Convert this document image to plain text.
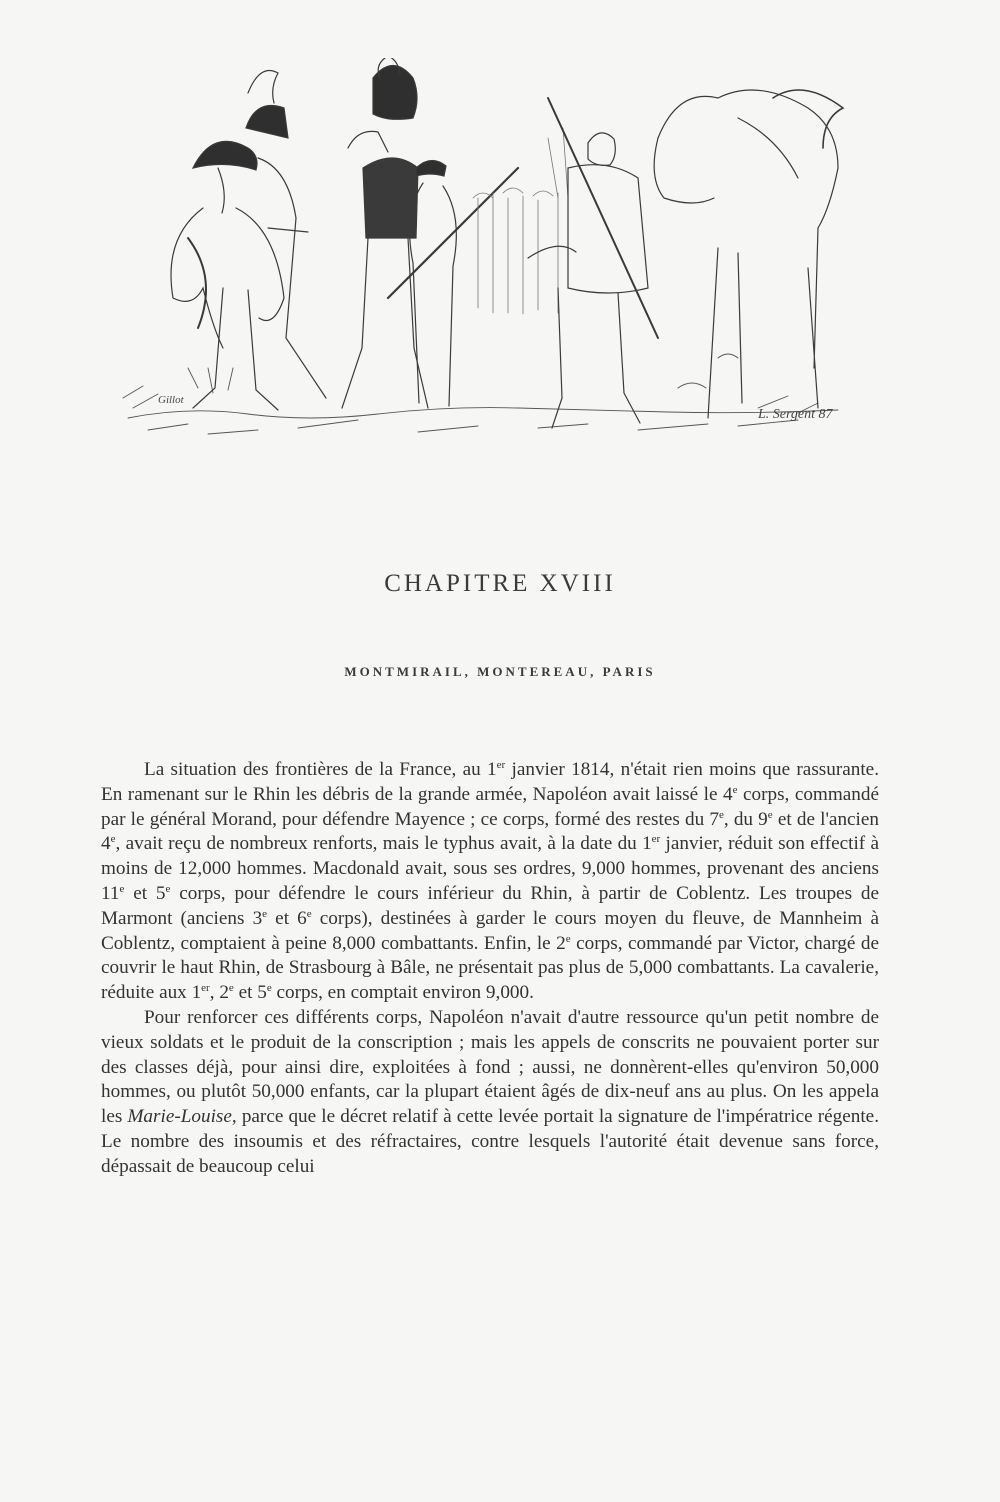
Gillot
L. Sergent 87
CHAPITRE XVIII
MONTMIRAIL, MONTEREAU, PARIS

La situation des frontières de la France, au 1er janvier 1814, n'était rien moins que rassurante. En ramenant sur le Rhin les débris de la grande armée, Napoléon avait laissé le 4e corps, commandé par le général Morand, pour défendre Mayence ; ce corps, formé des restes du 7e, du 9e et de l'ancien 4e, avait reçu de nombreux renforts, mais le typhus avait, à la date du 1er janvier, réduit son effectif à moins de 12,000 hommes. Macdonald avait, sous ses ordres, 9,000 hommes, provenant des anciens 11e et 5e corps, pour défendre le cours inférieur du Rhin, à partir de Coblentz. Les troupes de Marmont (anciens 3e et 6e corps), destinées à garder le cours moyen du fleuve, de Mannheim à Coblentz, comptaient à peine 8,000 combattants. Enfin, le 2e corps, commandé par Victor, chargé de couvrir le haut Rhin, de Strasbourg à Bâle, ne présentait pas plus de 5,000 combattants. La cavalerie, réduite aux 1er, 2e et 5e corps, en comptait environ 9,000.

Pour renforcer ces différents corps, Napoléon n'avait d'autre ressource qu'un petit nombre de vieux soldats et le produit de la conscription ; mais les appels de conscrits ne pouvaient porter sur des classes déjà, pour ainsi dire, exploitées à fond ; aussi, ne donnèrent-elles qu'environ 50,000 hommes, ou plutôt 50,000 enfants, car la plupart étaient âgés de dix-neuf ans au plus. On les appela les Marie-Louise, parce que le décret relatif à cette levée portait la signature de l'impératrice régente. Le nombre des insoumis et des réfractaires, contre lesquels l'autorité était devenue sans force, dépassait de beaucoup celui
